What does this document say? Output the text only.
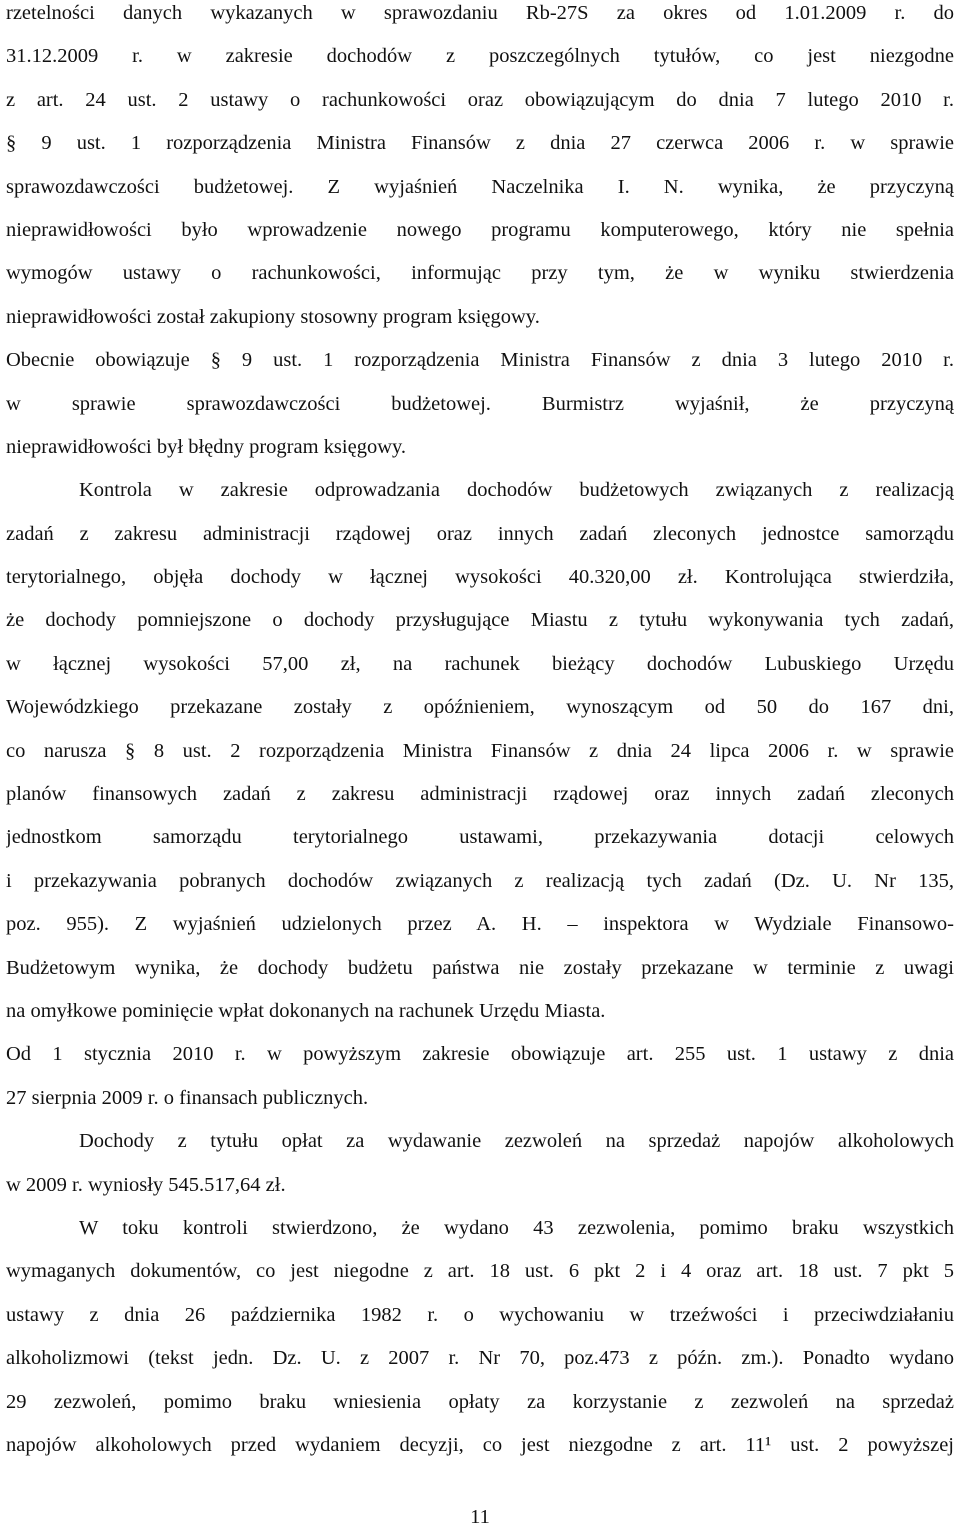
rzetelności danych wykazanych w sprawozdaniu Rb-27S za okres od 1.01.2009 r. do
31.12.2009 r. w zakresie dochodów z poszczególnych tytułów, co jest niezgodne
z art. 24 ust. 2 ustawy o rachunkowości oraz obowiązującym do dnia 7 lutego 2010 r.
§ 9 ust. 1 rozporządzenia Ministra Finansów z dnia 27 czerwca 2006 r. w sprawie
sprawozdawczości budżetowej. Z wyjaśnień Naczelnika I. N. wynika, że przyczyną
nieprawidłowości było wprowadzenie nowego programu komputerowego, który nie spełnia
wymogów ustawy o rachunkowości, informując przy tym, że w wyniku stwierdzenia
nieprawidłowości został zakupiony stosowny program księgowy.
Obecnie obowiązuje § 9 ust. 1 rozporządzenia Ministra Finansów z dnia 3 lutego 2010 r.
w sprawie sprawozdawczości budżetowej. Burmistrz wyjaśnił, że przyczyną
nieprawidłowości był błędny program księgowy.
Kontrola w zakresie odprowadzania dochodów budżetowych związanych z realizacją
zadań z zakresu administracji rządowej oraz innych zadań zleconych jednostce samorządu
terytorialnego, objęła dochody w łącznej wysokości 40.320,00 zł. Kontrolująca stwierdziła,
że dochody pomniejszone o dochody przysługujące Miastu z tytułu wykonywania tych zadań,
w łącznej wysokości 57,00 zł, na rachunek bieżący dochodów Lubuskiego Urzędu
Wojewódzkiego przekazane zostały z opóźnieniem, wynoszącym od 50 do 167 dni,
co narusza § 8 ust. 2 rozporządzenia Ministra Finansów z dnia 24 lipca 2006 r. w sprawie
planów finansowych zadań z zakresu administracji rządowej oraz innych zadań zleconych
jednostkom samorządu terytorialnego ustawami, przekazywania dotacji celowych
i przekazywania pobranych dochodów związanych z realizacją tych zadań (Dz. U. Nr 135,
poz. 955). Z wyjaśnień udzielonych przez A. H. – inspektora w Wydziale Finansowo-
Budżetowym wynika, że dochody budżetu państwa nie zostały przekazane w terminie z uwagi
na omyłkowe pominięcie wpłat dokonanych na rachunek Urzędu Miasta.
Od 1 stycznia 2010 r. w powyższym zakresie obowiązuje art. 255 ust. 1 ustawy z dnia
27 sierpnia 2009 r. o finansach publicznych.
Dochody z tytułu opłat za wydawanie zezwoleń na sprzedaż napojów alkoholowych
w 2009 r. wyniosły 545.517,64 zł.
W toku kontroli stwierdzono, że wydano 43 zezwolenia, pomimo braku wszystkich
wymaganych dokumentów, co jest niegodne z art. 18 ust. 6 pkt 2 i 4 oraz art. 18 ust. 7 pkt 5
ustawy z dnia 26 października 1982 r. o wychowaniu w trzeźwości i przeciwdziałaniu
alkoholizmowi (tekst jedn. Dz. U. z 2007 r. Nr 70, poz.473 z późn. zm.). Ponadto wydano
29 zezwoleń, pomimo braku wniesienia opłaty za korzystanie z zezwoleń na sprzedaż
napojów alkoholowych przed wydaniem decyzji, co jest niezgodne z art. 11¹ ust. 2 powyższej
11
